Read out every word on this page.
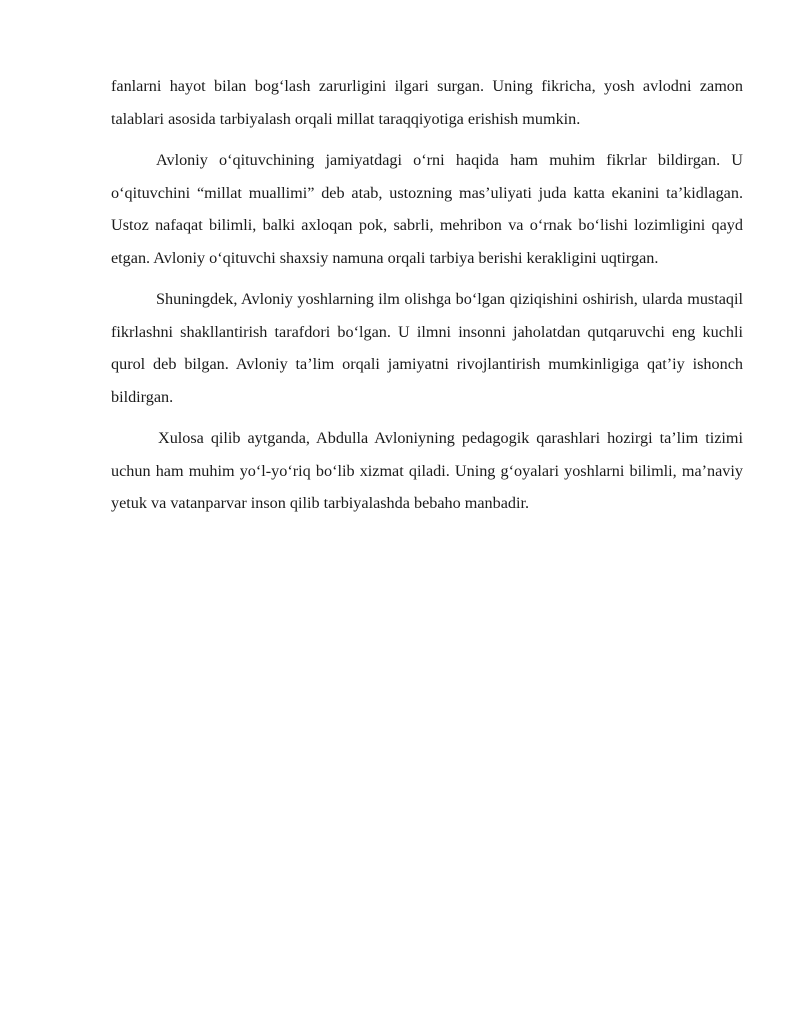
fanlarni hayot bilan bog‘lash zarurligini ilgari surgan. Uning fikricha, yosh avlodni zamon talablari asosida tarbiyalash orqali millat taraqqiyotiga erishish mumkin.

Avloniy o‘qituvchining jamiyatdagi o‘rni haqida ham muhim fikrlar bildirgan. U o‘qituvchini “millat muallimi” deb atab, ustozning mas’uliyati juda katta ekanini ta’kidlagan. Ustoz nafaqat bilimli, balki axloqan pok, sabrli, mehribon va o‘rnak bo‘lishi lozimligini qayd etgan. Avloniy o‘qituvchi shaxsiy namuna orqali tarbiya berishi kerakligini uqtirgan.

Shuningdek, Avloniy yoshlarning ilm olishga bo‘lgan qiziqishini oshirish, ularda mustaqil fikrlashni shakllantirish tarafdori bo‘lgan. U ilmni insonni jaholatdan qutqaruvchi eng kuchli qurol deb bilgan. Avloniy ta’lim orqali jamiyatni rivojlantirish mumkinligiga qat’iy ishonch bildirgan.

Xulosa qilib aytganda, Abdulla Avloniyning pedagogik qarashlari hozirgi ta’lim tizimi uchun ham muhim yo‘l-yo‘riq bo‘lib xizmat qiladi. Uning g‘oyalari yoshlarni bilimli, ma’naviy yetuk va vatanparvar inson qilib tarbiyalashda bebaho manbadir.
